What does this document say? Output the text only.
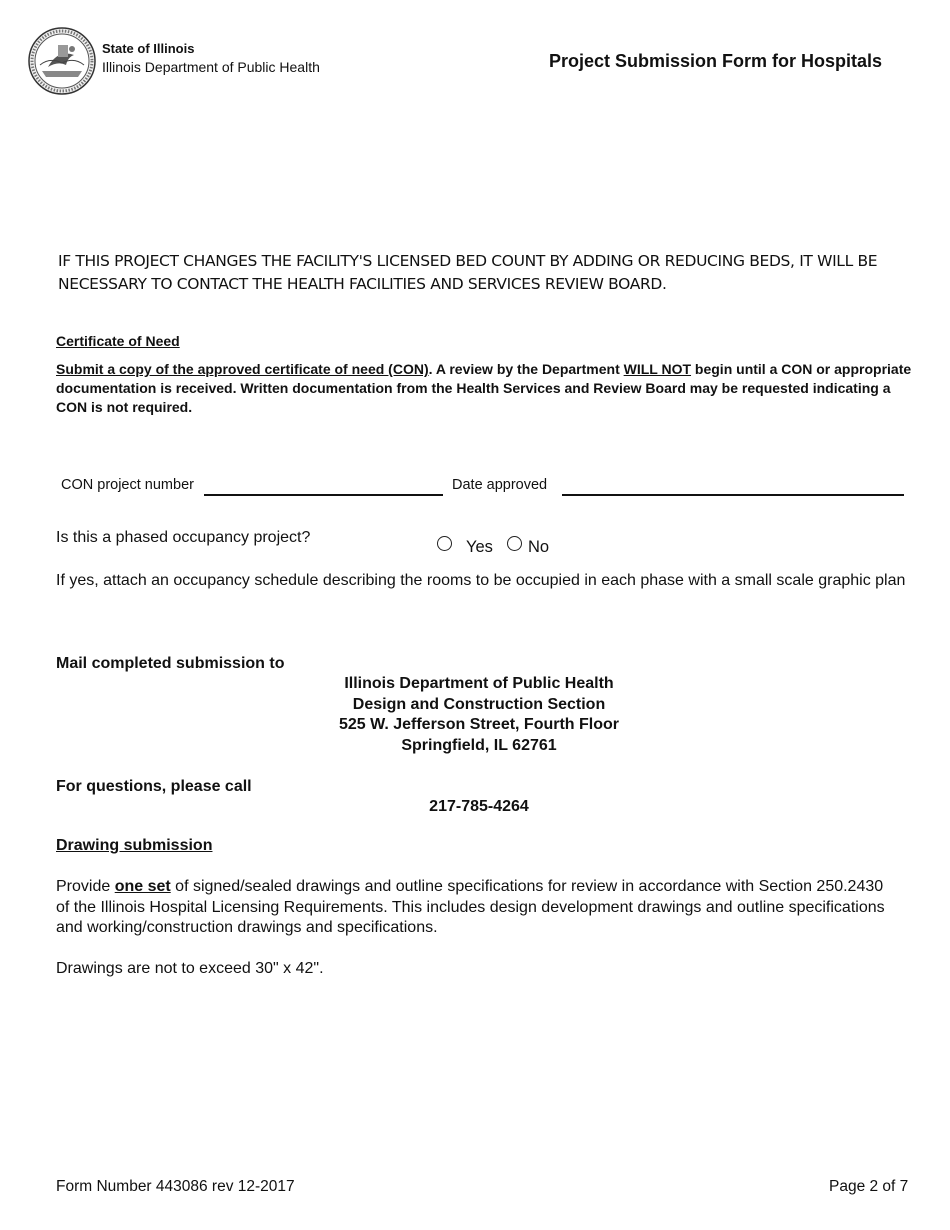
State of Illinois
Illinois Department of Public Health	Project Submission Form for Hospitals
IF THIS PROJECT CHANGES THE FACILITY'S LICENSED BED COUNT BY ADDING OR REDUCING BEDS, IT WILL BE NECESSARY TO CONTACT THE HEALTH FACILITIES AND SERVICES REVIEW BOARD.
Certificate of Need
Submit a copy of the approved certificate of need (CON). A review by the Department WILL NOT begin until a CON or appropriate documentation is received. Written documentation from the Health Services and Review Board may be requested indicating a CON is not required.
CON project number	Date approved
Is this a phased occupancy project?
Yes No
If yes, attach an occupancy schedule describing the rooms to be occupied in each phase with a small scale graphic plan
Mail completed submission to
Illinois Department of Public Health
Design and Construction Section
525 W. Jefferson Street, Fourth Floor
Springfield, IL 62761
For questions, please call
217-785-4264
Drawing submission
Provide one set of signed/sealed drawings and outline specifications for review in accordance with Section 250.2430 of the Illinois Hospital Licensing Requirements. This includes design development drawings and outline specifications and working/construction drawings and specifications.
Drawings are not to exceed 30" x 42".
Form Number 443086 rev 12-2017	Page 2 of 7
